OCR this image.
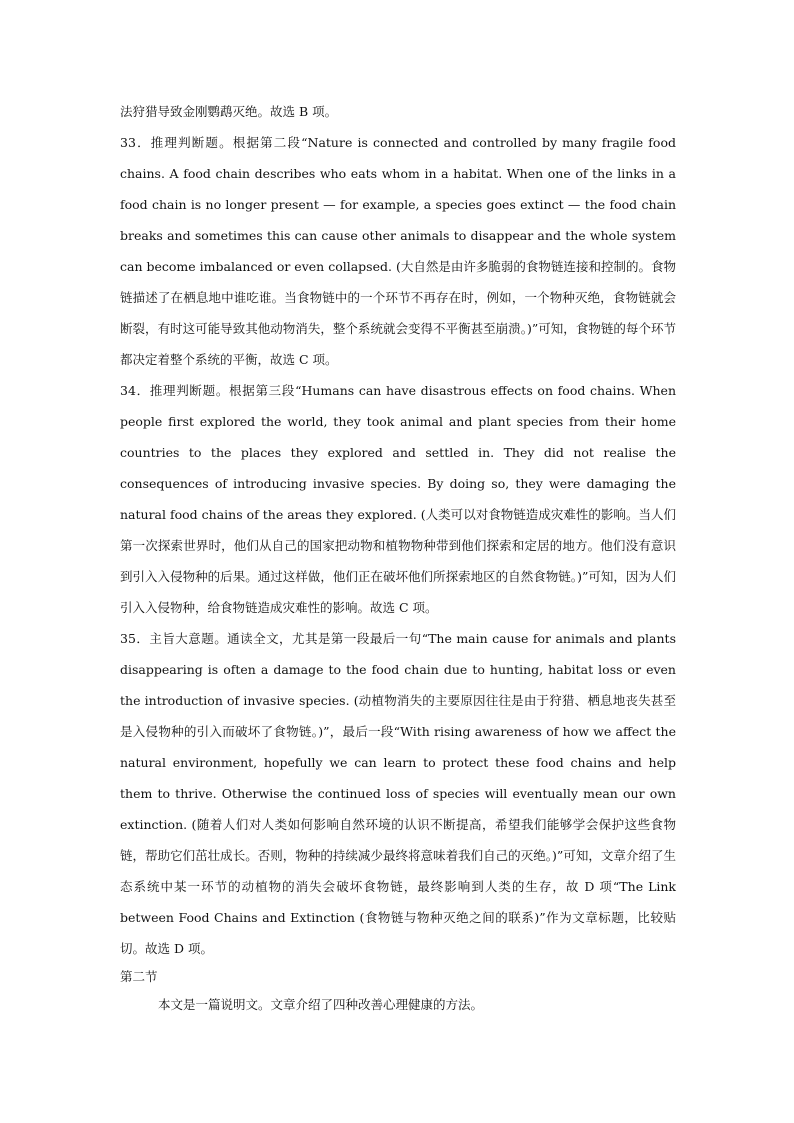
法狩猎导致金刚鹦鹉灭绝。故选 B 项。

33．推理判断题。根据第二段“Nature is connected and controlled by many fragile food chains. A food chain describes who eats whom in a habitat. When one of the links in a food chain is no longer present — for example, a species goes extinct — the food chain breaks and sometimes this can cause other animals to disappear and the whole system can become imbalanced or even collapsed. (大自然是由许多脆弱的食物链连接和控制的。食物链描述了在栖息地中谁吃谁。当食物链中的一个环节不再存在时，例如，一个物种灭绝，食物链就会断裂，有时这可能导致其他动物消失，整个系统就会变得不平衡甚至崩溃。)”可知，食物链的每个环节都决定着整个系统的平衡，故选 C 项。

34．推理判断题。根据第三段“Humans can have disastrous effects on food chains. When people first explored the world, they took animal and plant species from their home countries to the places they explored and settled in. They did not realise the consequences of introducing invasive species. By doing so, they were damaging the natural food chains of the areas they explored. (人类可以对食物链造成灾难性的影响。当人们第一次探索世界时，他们从自己的国家把动物和植物物种带到他们探索和定居的地方。他们没有意识到引入入侵物种的后果。通过这样做，他们正在破坏他们所探索地区的自然食物链。)”可知，因为人们引入入侵物种，给食物链造成灾难性的影响。故选 C 项。

35．主旨大意题。通读全文，尤其是第一段最后一句“The main cause for animals and plants disappearing is often a damage to the food chain due to hunting, habitat loss or even the introduction of invasive species. (动植物消失的主要原因往往是由于狩猎、栖息地丧失甚至是入侵物种的引入而破坏了食物链。)”，最后一段“With rising awareness of how we affect the natural environment, hopefully we can learn to protect these food chains and help them to thrive. Otherwise the continued loss of species will eventually mean our own extinction. (随着人们对人类如何影响自然环境的认识不断提高，希望我们能够学会保护这些食物链，帮助它们茁壮成长。否则，物种的持续减少最终将意味着我们自己的灭绝。)”可知，文章介绍了生态系统中某一环节的动植物的消失会破坏食物链，最终影响到人类的生存，故 D 项“The Link between Food Chains and Extinction (食物链与物种灭绝之间的联系)”作为文章标题，比较贴切。故选 D 项。

第二节

本文是一篇说明文。文章介绍了四种改善心理健康的方法。
